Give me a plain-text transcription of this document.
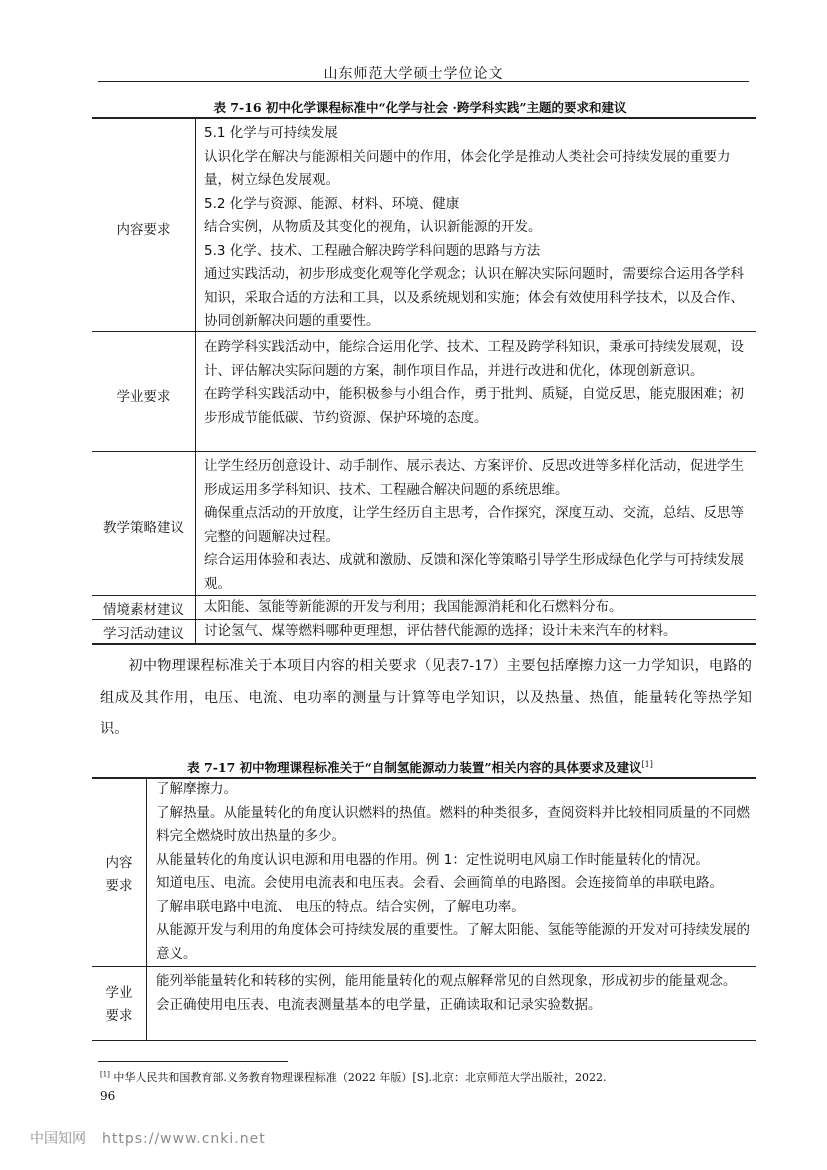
山东师范大学硕士学位论文
表 7-16 初中化学课程标准中“化学与社会 ·跨学科实践”主题的要求和建议
内容要求

5.1 化学与可持续发展

认识化学在解决与能源相关问题中的作用，体会化学是推动人类社会可持续发展的重要力量，树立绿色发展观。

5.2 化学与资源、能源、材料、环境、健康

结合实例，从物质及其变化的视角，认识新能源的开发。

5.3 化学、技术、工程融合解决跨学科问题的思路与方法

通过实践活动，初步形成变化观等化学观念；认识在解决实际问题时，需要综合运用各学科知识，采取合适的方法和工具，以及系统规划和实施；体会有效使用科学技术，以及合作、协同创新解决问题的重要性。

学业要求

在跨学科实践活动中，能综合运用化学、技术、工程及跨学科知识，秉承可持续发展观，设计、评估解决实际问题的方案，制作项目作品，并进行改进和优化，体现创新意识。

在跨学科实践活动中，能积极参与小组合作，勇于批判、质疑，自觉反思，能克服困难；初步形成节能低碳、节约资源、保护环境的态度。

教学策略建议

让学生经历创意设计、动手制作、展示表达、方案评价、反思改进等多样化活动，促进学生形成运用多学科知识、技术、工程融合解决问题的系统思维。

确保重点活动的开放度，让学生经历自主思考，合作探究，深度互动、交流，总结、反思等完整的问题解决过程。

综合运用体验和表达、成就和激励、反馈和深化等策略引导学生形成绿色化学与可持续发展观。

情境素材建议	太阳能、氢能等新能源的开发与利用；我国能源消耗和化石燃料分布。

学习活动建议	讨论氢气、煤等燃料哪种更理想，评估替代能源的选择；设计未来汽车的材料。

初中物理课程标准关于本项目内容的相关要求（见表7-17）主要包括摩擦力这一力学知识，电路的组成及其作用，电压、电流、电功率的测量与计算等电学知识，以及热量、热值，能量转化等热学知识。

表 7-17 初中物理课程标准关于“自制氢能源动力装置”相关内容的具体要求及建议[1]
内容要求

了解摩擦力。

了解热量。从能量转化的角度认识燃料的热值。燃料的种类很多，查阅资料并比较相同质量的不同燃料完全燃烧时放出热量的多少。

从能量转化的角度认识电源和用电器的作用。例 1：定性说明电风扇工作时能量转化的情况。

知道电压、电流。会使用电流表和电压表。会看、会画简单的电路图。会连接简单的串联电路。

了解串联电路中电流、 电压的特点。结合实例，了解电功率。

从能源开发与利用的角度体会可持续发展的重要性。了解太阳能、氢能等能源的开发对可持续发展的意义。

学业要求

能列举能量转化和转移的实例，能用能量转化的观点解释常见的自然现象，形成初步的能量观念。

会正确使用电压表、电流表测量基本的电学量，正确读取和记录实验数据。

[1] 中华人民共和国教育部.义务教育物理课程标准（2022 年版）[S].北京：北京师范大学出版社，2022.
96
中国知网 https://www.cnki.net
